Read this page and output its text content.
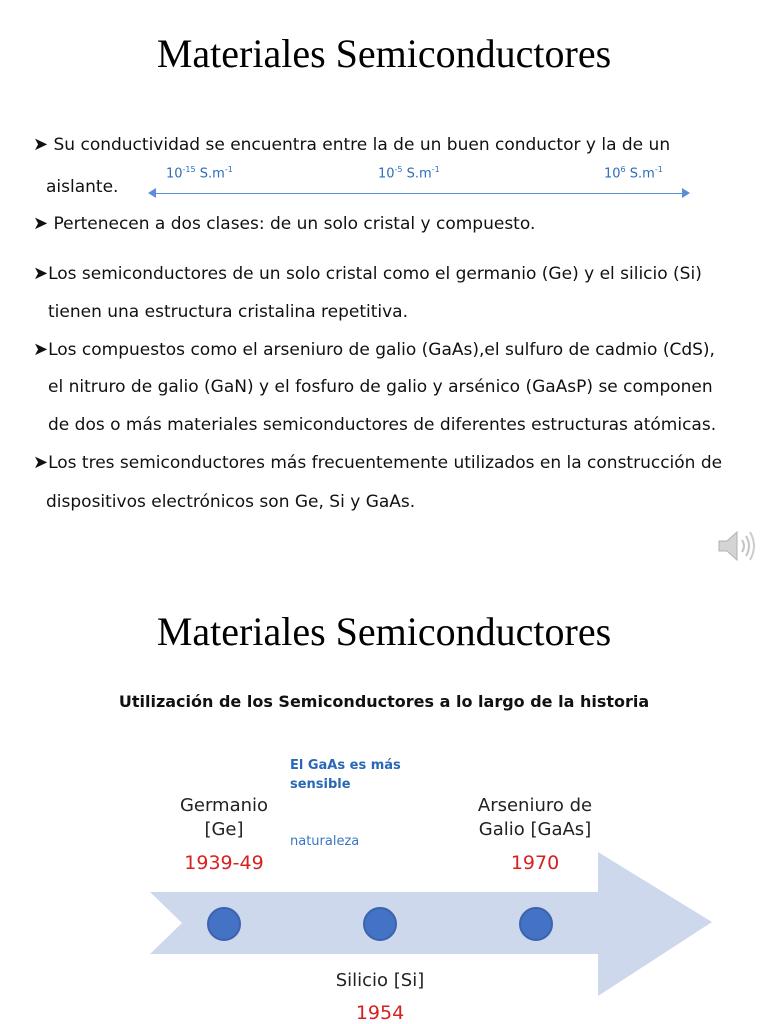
Materiales Semiconductores
➤ Su conductividad se encuentra entre la de un buen conductor y la de un
aislante.
$10^{-15}$ $S.m^{-1}$	$10^{-5}$ $S.m^{-1}$	$10^6$ $S.m^{-1}$
➤ Pertenecen a dos clases: de un solo cristal y compuesto.
➤Los semiconductores de un solo cristal como el germanio (Ge) y el silicio (Si)
tienen una estructura cristalina repetitiva.
➤Los compuestos como el arseniuro de galio (GaAs),el sulfuro de cadmio (CdS),
el nitruro de galio (GaN) y el fosfuro de galio y arsénico (GaAsP) se componen
de dos o más materiales semiconductores de diferentes estructuras atómicas.
➤Los tres semiconductores más frecuentemente utilizados en la construcción de
dispositivos electrónicos son Ge, Si y GaAs.
Materiales Semiconductores
Utilización de los Semiconductores a lo largo de la historia
Germanio
[Ge]
1939-49
Arseniuro de
Galio [GaAs]
1970
Silicio [Si]
1954
El GaAs es más sensible
naturaleza
